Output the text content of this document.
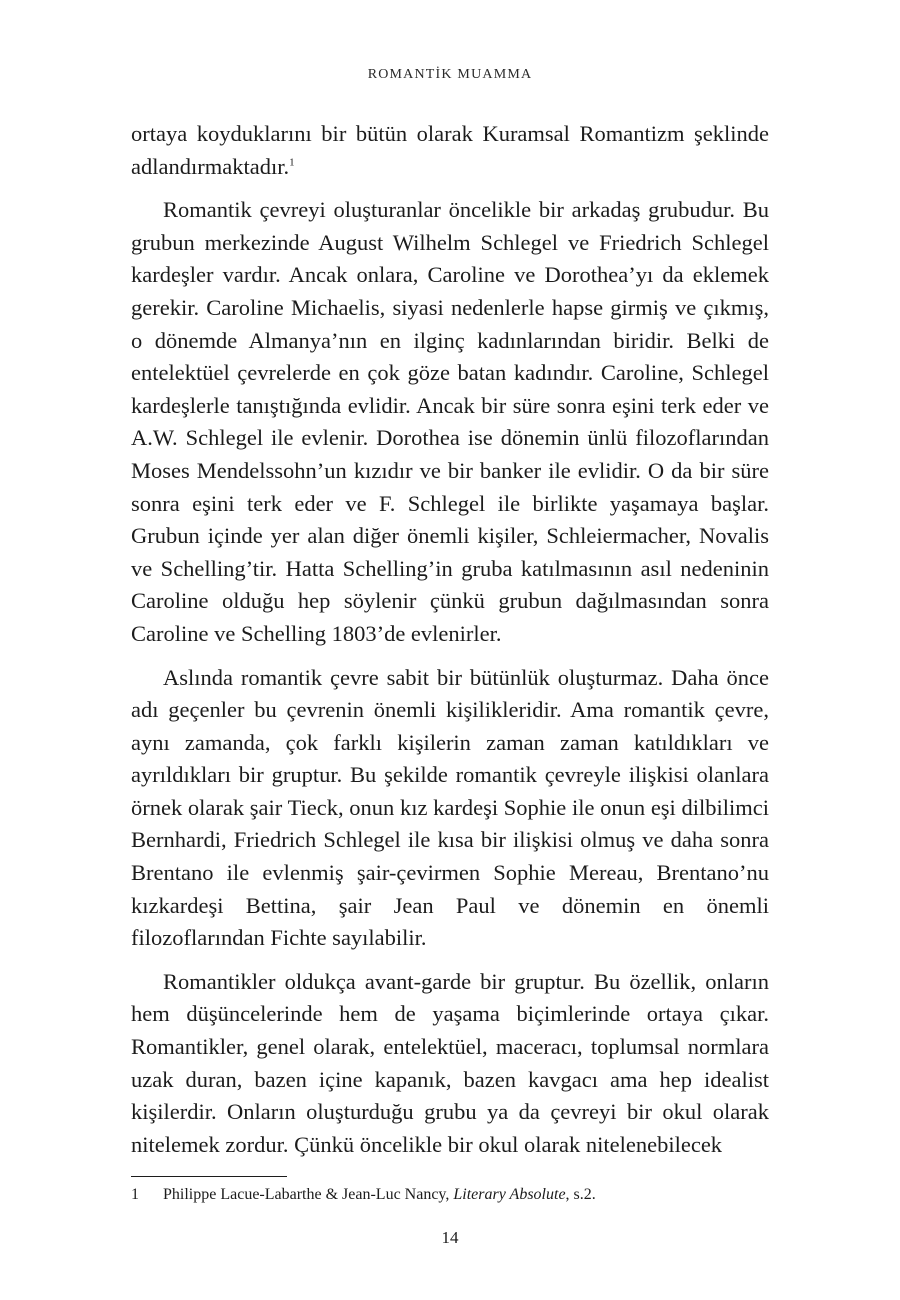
ROMANTİK MUAMMA

ortaya koyduklarını bir bütün olarak Kuramsal Romantizm şeklinde adlandırmaktadır.$^1$

Romantik çevreyi oluşturanlar öncelikle bir arkadaş grubudur. Bu grubun merkezinde August Wilhelm Schlegel ve Friedrich Schlegel kardeşler vardır. Ancak onlara, Caroline ve Dorothea’yı da eklemek gerekir. Caroline Michaelis, siyasi nedenlerle hapse girmiş ve çıkmış, o dönemde Almanya’nın en ilginç kadınlarından biridir. Belki de entelektüel çevrelerde en çok göze batan kadındır. Caroline, Schlegel kardeşlerle tanıştığında evlidir. Ancak bir süre sonra eşini terk eder ve A.W. Schlegel ile evlenir. Dorothea ise dönemin ünlü filozoflarından Moses Mendelssohn’un kızıdır ve bir banker ile evlidir. O da bir süre sonra eşini terk eder ve F. Schlegel ile birlikte yaşamaya başlar. Grubun içinde yer alan diğer önemli kişiler, Schleiermacher, Novalis ve Schelling’tir. Hatta Schelling’in gruba katılmasının asıl nedeninin Caroline olduğu hep söylenir çünkü grubun dağılmasından sonra Caroline ve Schelling 1803’de evlenirler.

Aslında romantik çevre sabit bir bütünlük oluşturmaz. Daha önce adı geçenler bu çevrenin önemli kişilikleridir. Ama romantik çevre, aynı zamanda, çok farklı kişilerin zaman zaman katıldıkları ve ayrıldıkları bir gruptur. Bu şekilde romantik çevreyle ilişkisi olanlara örnek olarak şair Tieck, onun kız kardeşi Sophie ile onun eşi dilbilimci Bernhardi, Friedrich Schlegel ile kısa bir ilişkisi olmuş ve daha sonra Brentano ile evlenmiş şair-çevirmen Sophie Mereau, Brentano’nu kızkardeşi Bettina, şair Jean Paul ve dönemin en önemli filozoflarından Fichte sayılabilir.

Romantikler oldukça avant-garde bir gruptur. Bu özellik, onların hem düşüncelerinde hem de yaşama biçimlerinde ortaya çıkar. Romantikler, genel olarak, entelektüel, maceracı, toplumsal normlara uzak duran, bazen içine kapanık, bazen kavgacı ama hep idealist kişilerdir. Onların oluşturduğu grubu ya da çevreyi bir okul olarak nitelemek zordur. Çünkü öncelikle bir okul olarak nitelenebilecek

1 Philippe Lacue-Labarthe & Jean-Luc Nancy, Literary Absolute, s.2.
14
